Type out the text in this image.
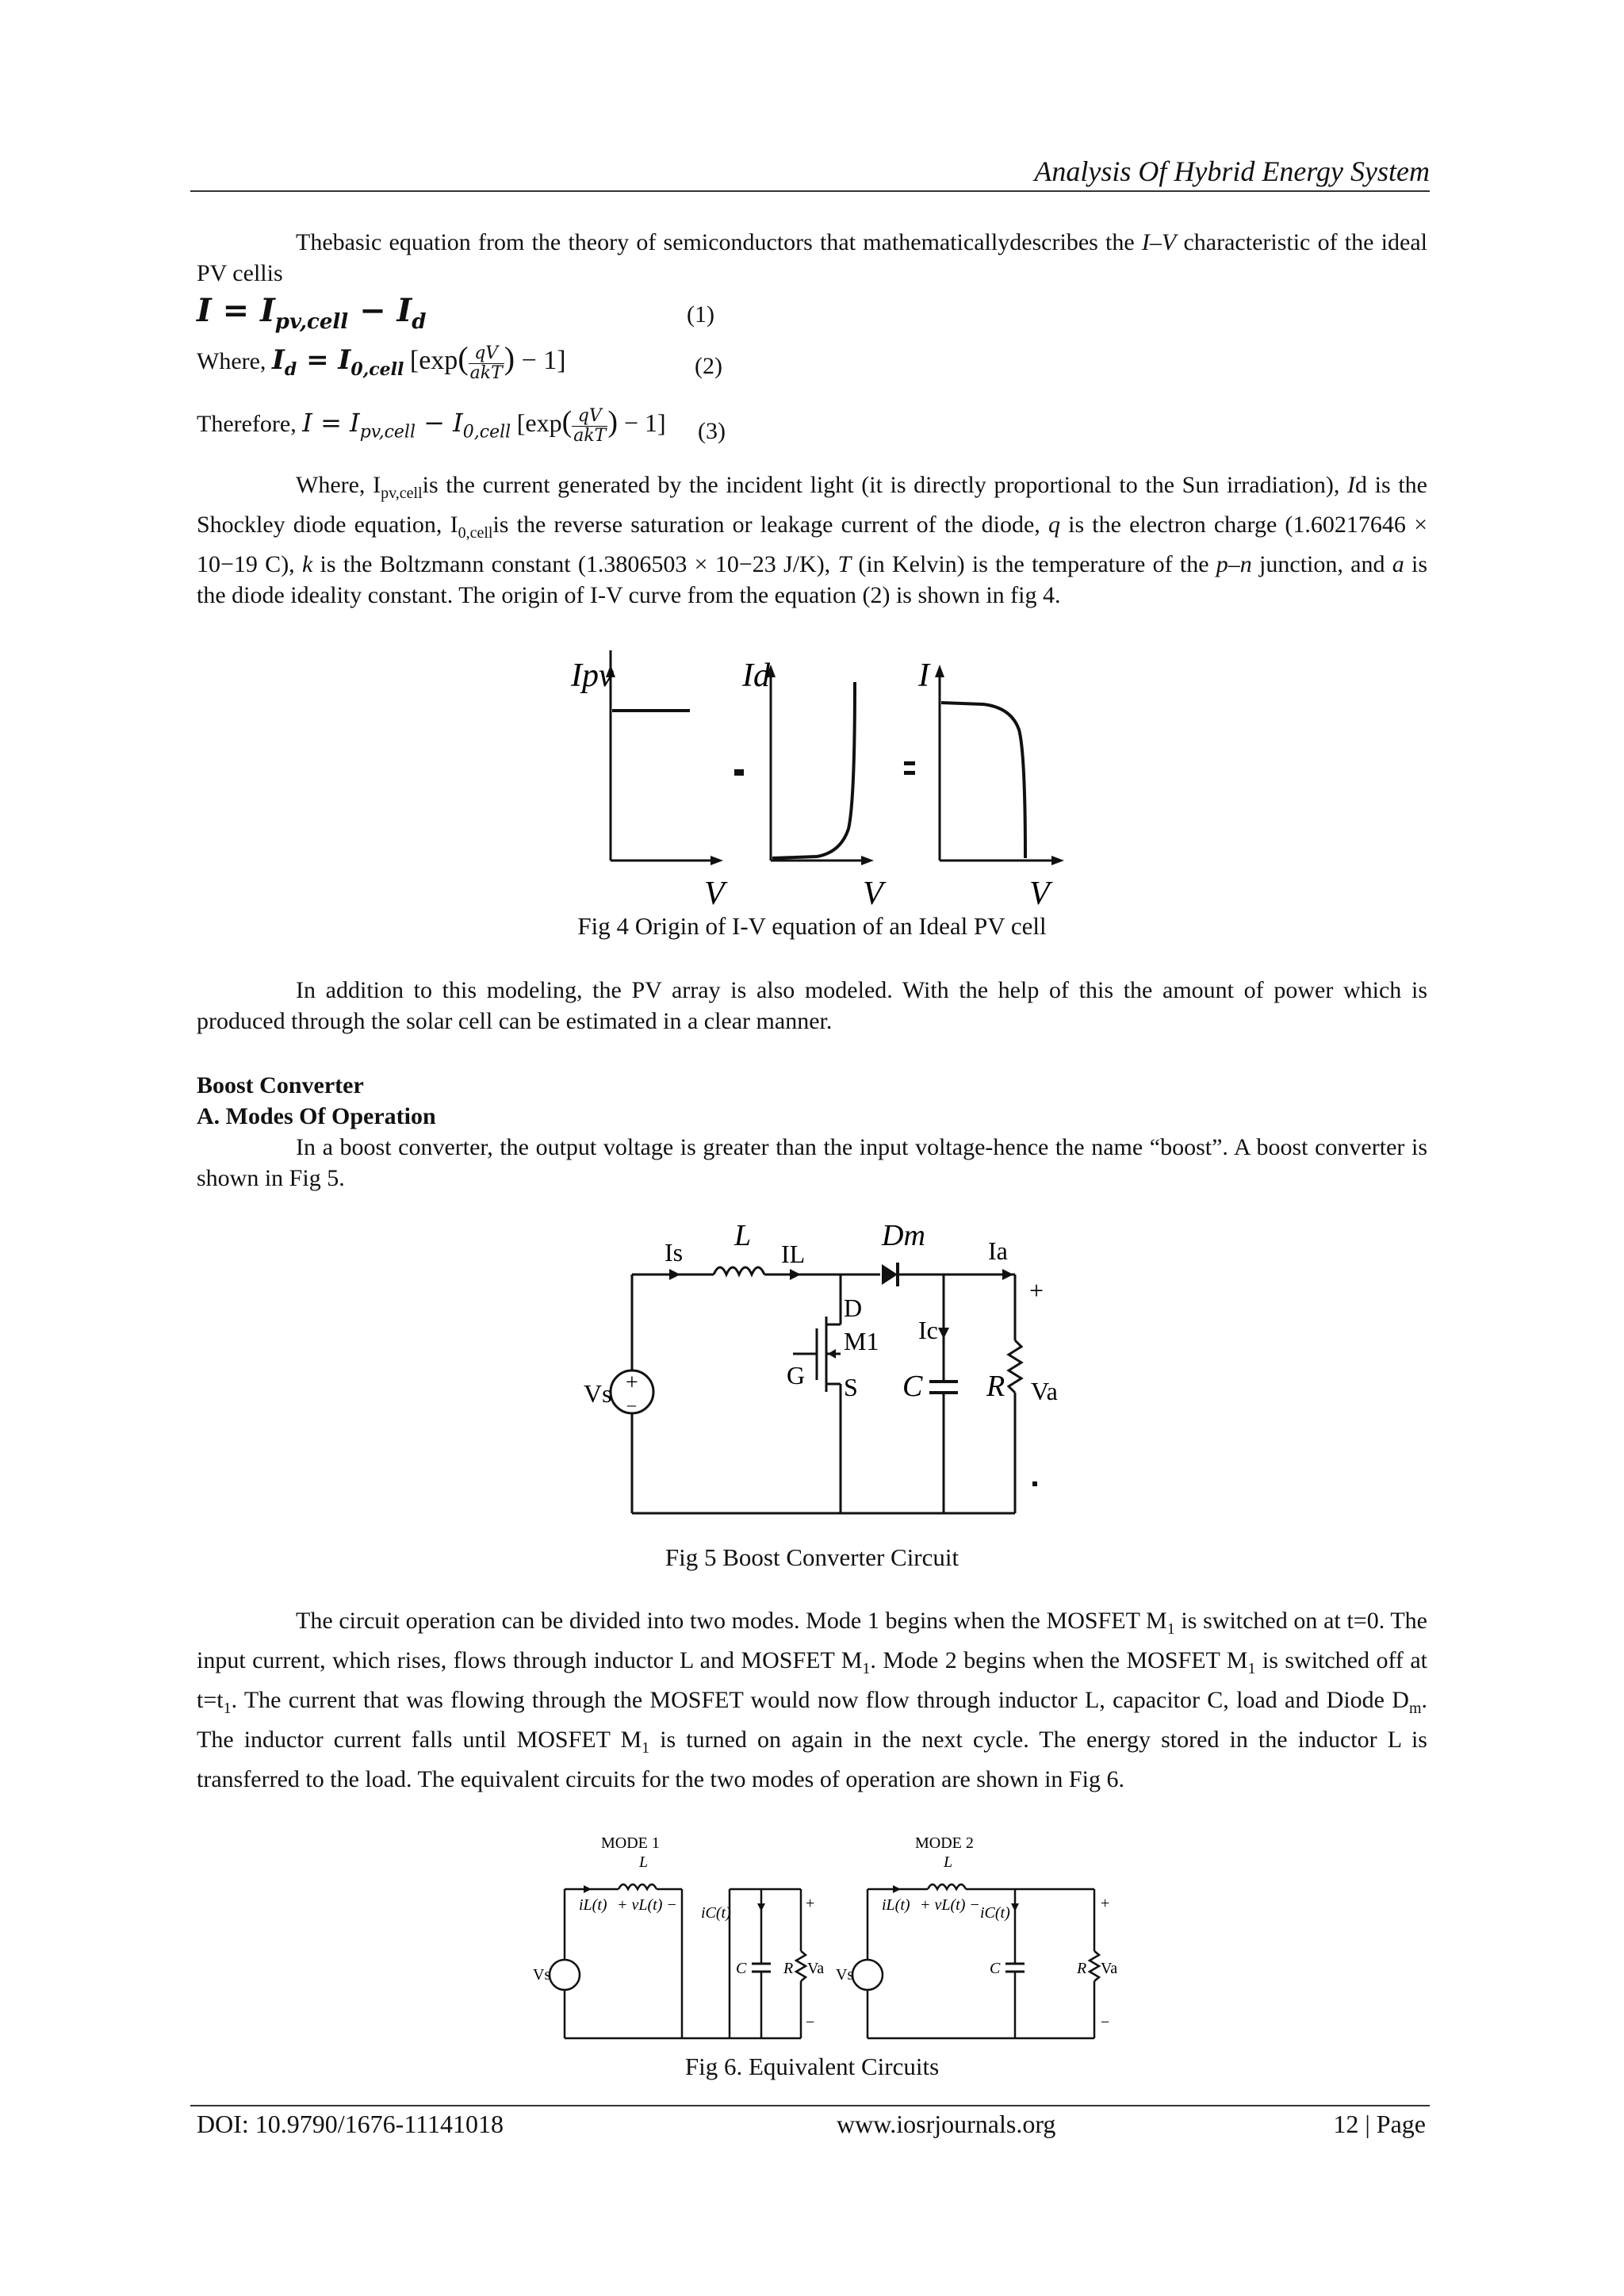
Analysis Of Hybrid Energy System

Thebasic equation from the theory of semiconductors that mathematicallydescribes the I–V characteristic of the ideal PV cellis

$I = I_{pv,cell} - I_d$	(1)
Where, $I_d = I_{0,cell}$ [$\exp( \frac{qV}{\text{akT}}$ ) − 1]	(2)
Therefore, $I = I_{pv,cell} - I_{0,cell}$ [$\exp( \frac{qV}{\text{akT}}$ ) − 1] (3)

Where, $I_{pv,cell}is$ the current generated by the incident light (it is directly proportional to the Sun irradiation), Id is the Shockley diode equation, $I_{0,cell}is$ the reverse saturation or leakage current of the diode, q is the electron charge (1.60217646 × 10−19 C), k is the Boltzmann constant (1.3806503 × 10−23 J/K), T (in Kelvin) is the temperature of the p–n junction, and a is the diode ideality constant. The origin of I-V curve from the equation (2) is shown in fig 4.

Ipv	Id	I
V	V	V
Fig 4 Origin of I-V equation of an Ideal PV cell

In addition to this modeling, the PV array is also modeled. With the help of this the amount of power which is produced through the solar cell can be estimated in a clear manner.

Boost Converter
A. Modes Of Operation

In a boost converter, the output voltage is greater than the input voltage-hence the name “boost”. A boost converter is shown in Fig 5.

Is L
IL
Dm Ia
+
D
M1
G S
Ic
C R Va
Vs +
–
Fig 5 Boost Converter Circuit

The circuit operation can be divided into two modes. Mode 1 begins when the MOSFET $M_1$ is switched on at t=0. The input current, which rises, flows through inductor L and MOSFET $M_1$. Mode 2 begins when the MOSFET $M_1$ is switched off at $t=t_1$. The current that was flowing through the MOSFET would now flow through inductor L, capacitor C, load and Diode $D_m$. The inductor current falls until MOSFET $M_1$ is turned on again in the next cycle. The energy stored in the inductor L is transferred to the load. The equivalent circuits for the two modes of operation are shown in Fig 6.

MODE 1
L
iL(t) + vL(t) − iC(t)
C R Va
Vs
+
−
MODE 2
L
iL(t) + vL(t) − iC(t)
C	R Va
Vs
+
−
Fig 6. Equivalent Circuits
DOI: 10.9790/1676-11141018	www.iosrjournals.org	12 | Page
